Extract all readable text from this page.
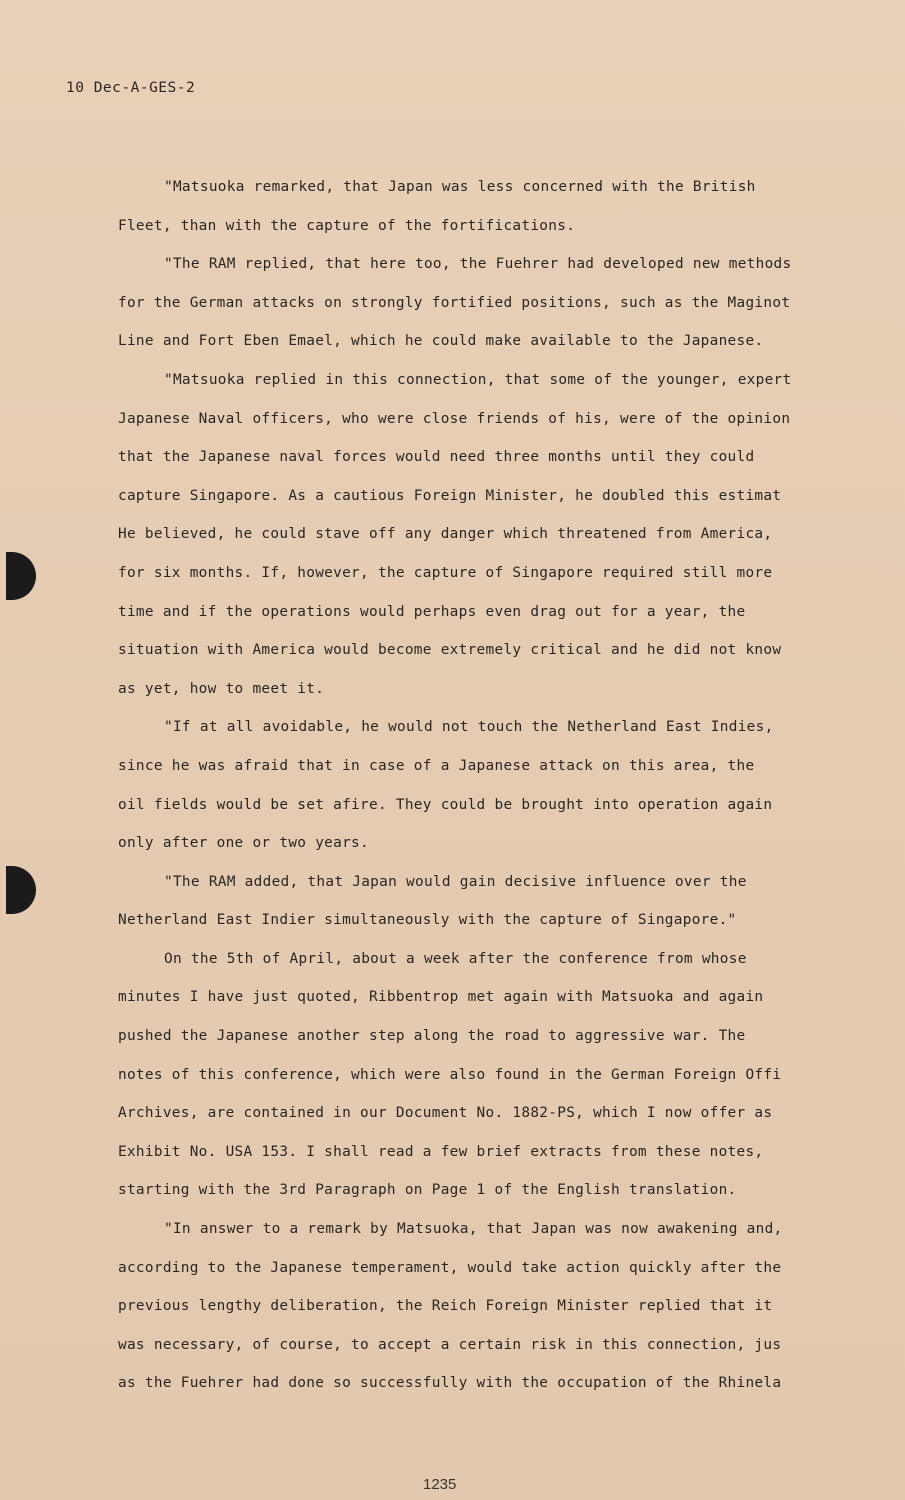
10 Dec-A-GES-2
"Matsuoka remarked, that Japan was less concerned with the British
Fleet, than with the capture of the fortifications.
"The RAM replied, that here too, the Fuehrer had developed new methods
for the German attacks on strongly fortified positions, such as the Maginot
Line and Fort Eben Emael, which he could make available to the Japanese.
"Matsuoka replied in this connection, that some of the younger, expert
Japanese Naval officers, who were close friends of his, were of the opinion
that the Japanese naval forces would need three months until they could
capture Singapore. As a cautious Foreign Minister, he doubled this estimat
He believed, he could stave off any danger which threatened from America,
for six months. If, however, the capture of Singapore required still more
time and if the operations would perhaps even drag out for a year, the
situation with America would become extremely critical and he did not know
as yet, how to meet it.
"If at all avoidable, he would not touch the Netherland East Indies,
since he was afraid that in case of a Japanese attack on this area, the
oil fields would be set afire. They could be brought into operation again
only after one or two years.
"The RAM added, that Japan would gain decisive influence over the
Netherland East Indier simultaneously with the capture of Singapore."
On the 5th of April, about a week after the conference from whose
minutes I have just quoted, Ribbentrop met again with Matsuoka and again
pushed the Japanese another step along the road to aggressive war. The
notes of this conference, which were also found in the German Foreign Offi
Archives, are contained in our Document No. 1882-PS, which I now offer as
Exhibit No. USA 153. I shall read a few brief extracts from these notes,
starting with the 3rd Paragraph on Page 1 of the English translation.
"In answer to a remark by Matsuoka, that Japan was now awakening and,
according to the Japanese temperament, would take action quickly after the
previous lengthy deliberation, the Reich Foreign Minister replied that it
was necessary, of course, to accept a certain risk in this connection, jus
as the Fuehrer had done so successfully with the occupation of the Rhinela
1235
